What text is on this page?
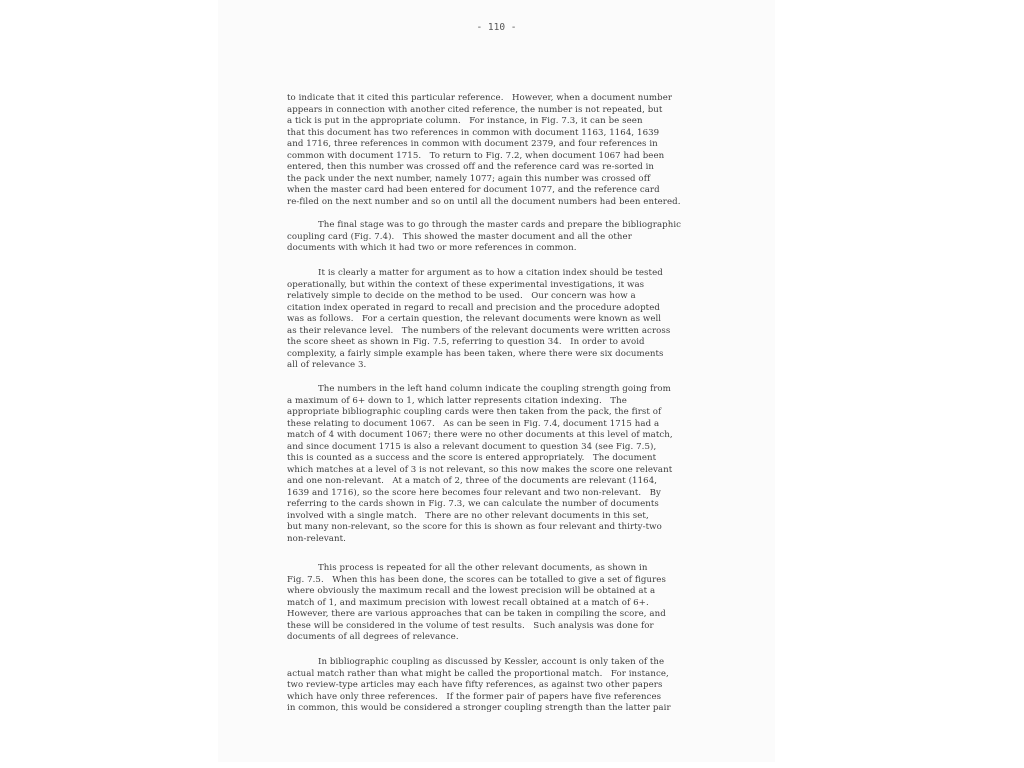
- 110 -
to indicate that it cited this particular reference.   However, when a document number
appears in connection with another cited reference, the number is not repeated, but
a tick is put in the appropriate column.   For instance, in Fig. 7.3, it can be seen
that this document has two references in common with document 1163, 1164, 1639
and 1716, three references in common with document 2379, and four references in
common with document 1715.   To return to Fig. 7.2, when document 1067 had been
entered, then this number was crossed off and the reference card was re-sorted in
the pack under the next number, namely 1077; again this number was crossed off
when the master card had been entered for document 1077, and the reference card
re-filed on the next number and so on until all the document numbers had been entered.
The final stage was to go through the master cards and prepare the bibliographic
coupling card (Fig. 7.4).   This showed the master document and all the other
documents with which it had two or more references in common.
It is clearly a matter for argument as to how a citation index should be tested
operationally, but within the context of these experimental investigations, it was
relatively simple to decide on the method to be used.   Our concern was how a
citation index operated in regard to recall and precision and the procedure adopted
was as follows.   For a certain question, the relevant documents were known as well
as their relevance level.   The numbers of the relevant documents were written across
the score sheet as shown in Fig. 7.5, referring to question 34.   In order to avoid
complexity, a fairly simple example has been taken, where there were six documents
all of relevance 3.
The numbers in the left hand column indicate the coupling strength going from
a maximum of 6+ down to 1, which latter represents citation indexing.   The
appropriate bibliographic coupling cards were then taken from the pack, the first of
these relating to document 1067.   As can be seen in Fig. 7.4, document 1715 had a
match of 4 with document 1067; there were no other documents at this level of match,
and since document 1715 is also a relevant document to question 34 (see Fig. 7.5),
this is counted as a success and the score is entered appropriately.   The document
which matches at a level of 3 is not relevant, so this now makes the score one relevant
and one non-relevant.   At a match of 2, three of the documents are relevant (1164,
1639 and 1716), so the score here becomes four relevant and two non-relevant.   By
referring to the cards shown in Fig. 7.3, we can calculate the number of documents
involved with a single match.   There are no other relevant documents in this set,
but many non-relevant, so the score for this is shown as four relevant and thirty-two
non-relevant.
This process is repeated for all the other relevant documents, as shown in
Fig. 7.5.   When this has been done, the scores can be totalled to give a set of figures
where obviously the maximum recall and the lowest precision will be obtained at a
match of 1, and maximum precision with lowest recall obtained at a match of 6+.
However, there are various approaches that can be taken in compiling the score, and
these will be considered in the volume of test results.   Such analysis was done for
documents of all degrees of relevance.
In bibliographic coupling as discussed by Kessler, account is only taken of the
actual match rather than what might be called the proportional match.   For instance,
two review-type articles may each have fifty references, as against two other papers
which have only three references.   If the former pair of papers have five references
in common, this would be considered a stronger coupling strength than the latter pair
